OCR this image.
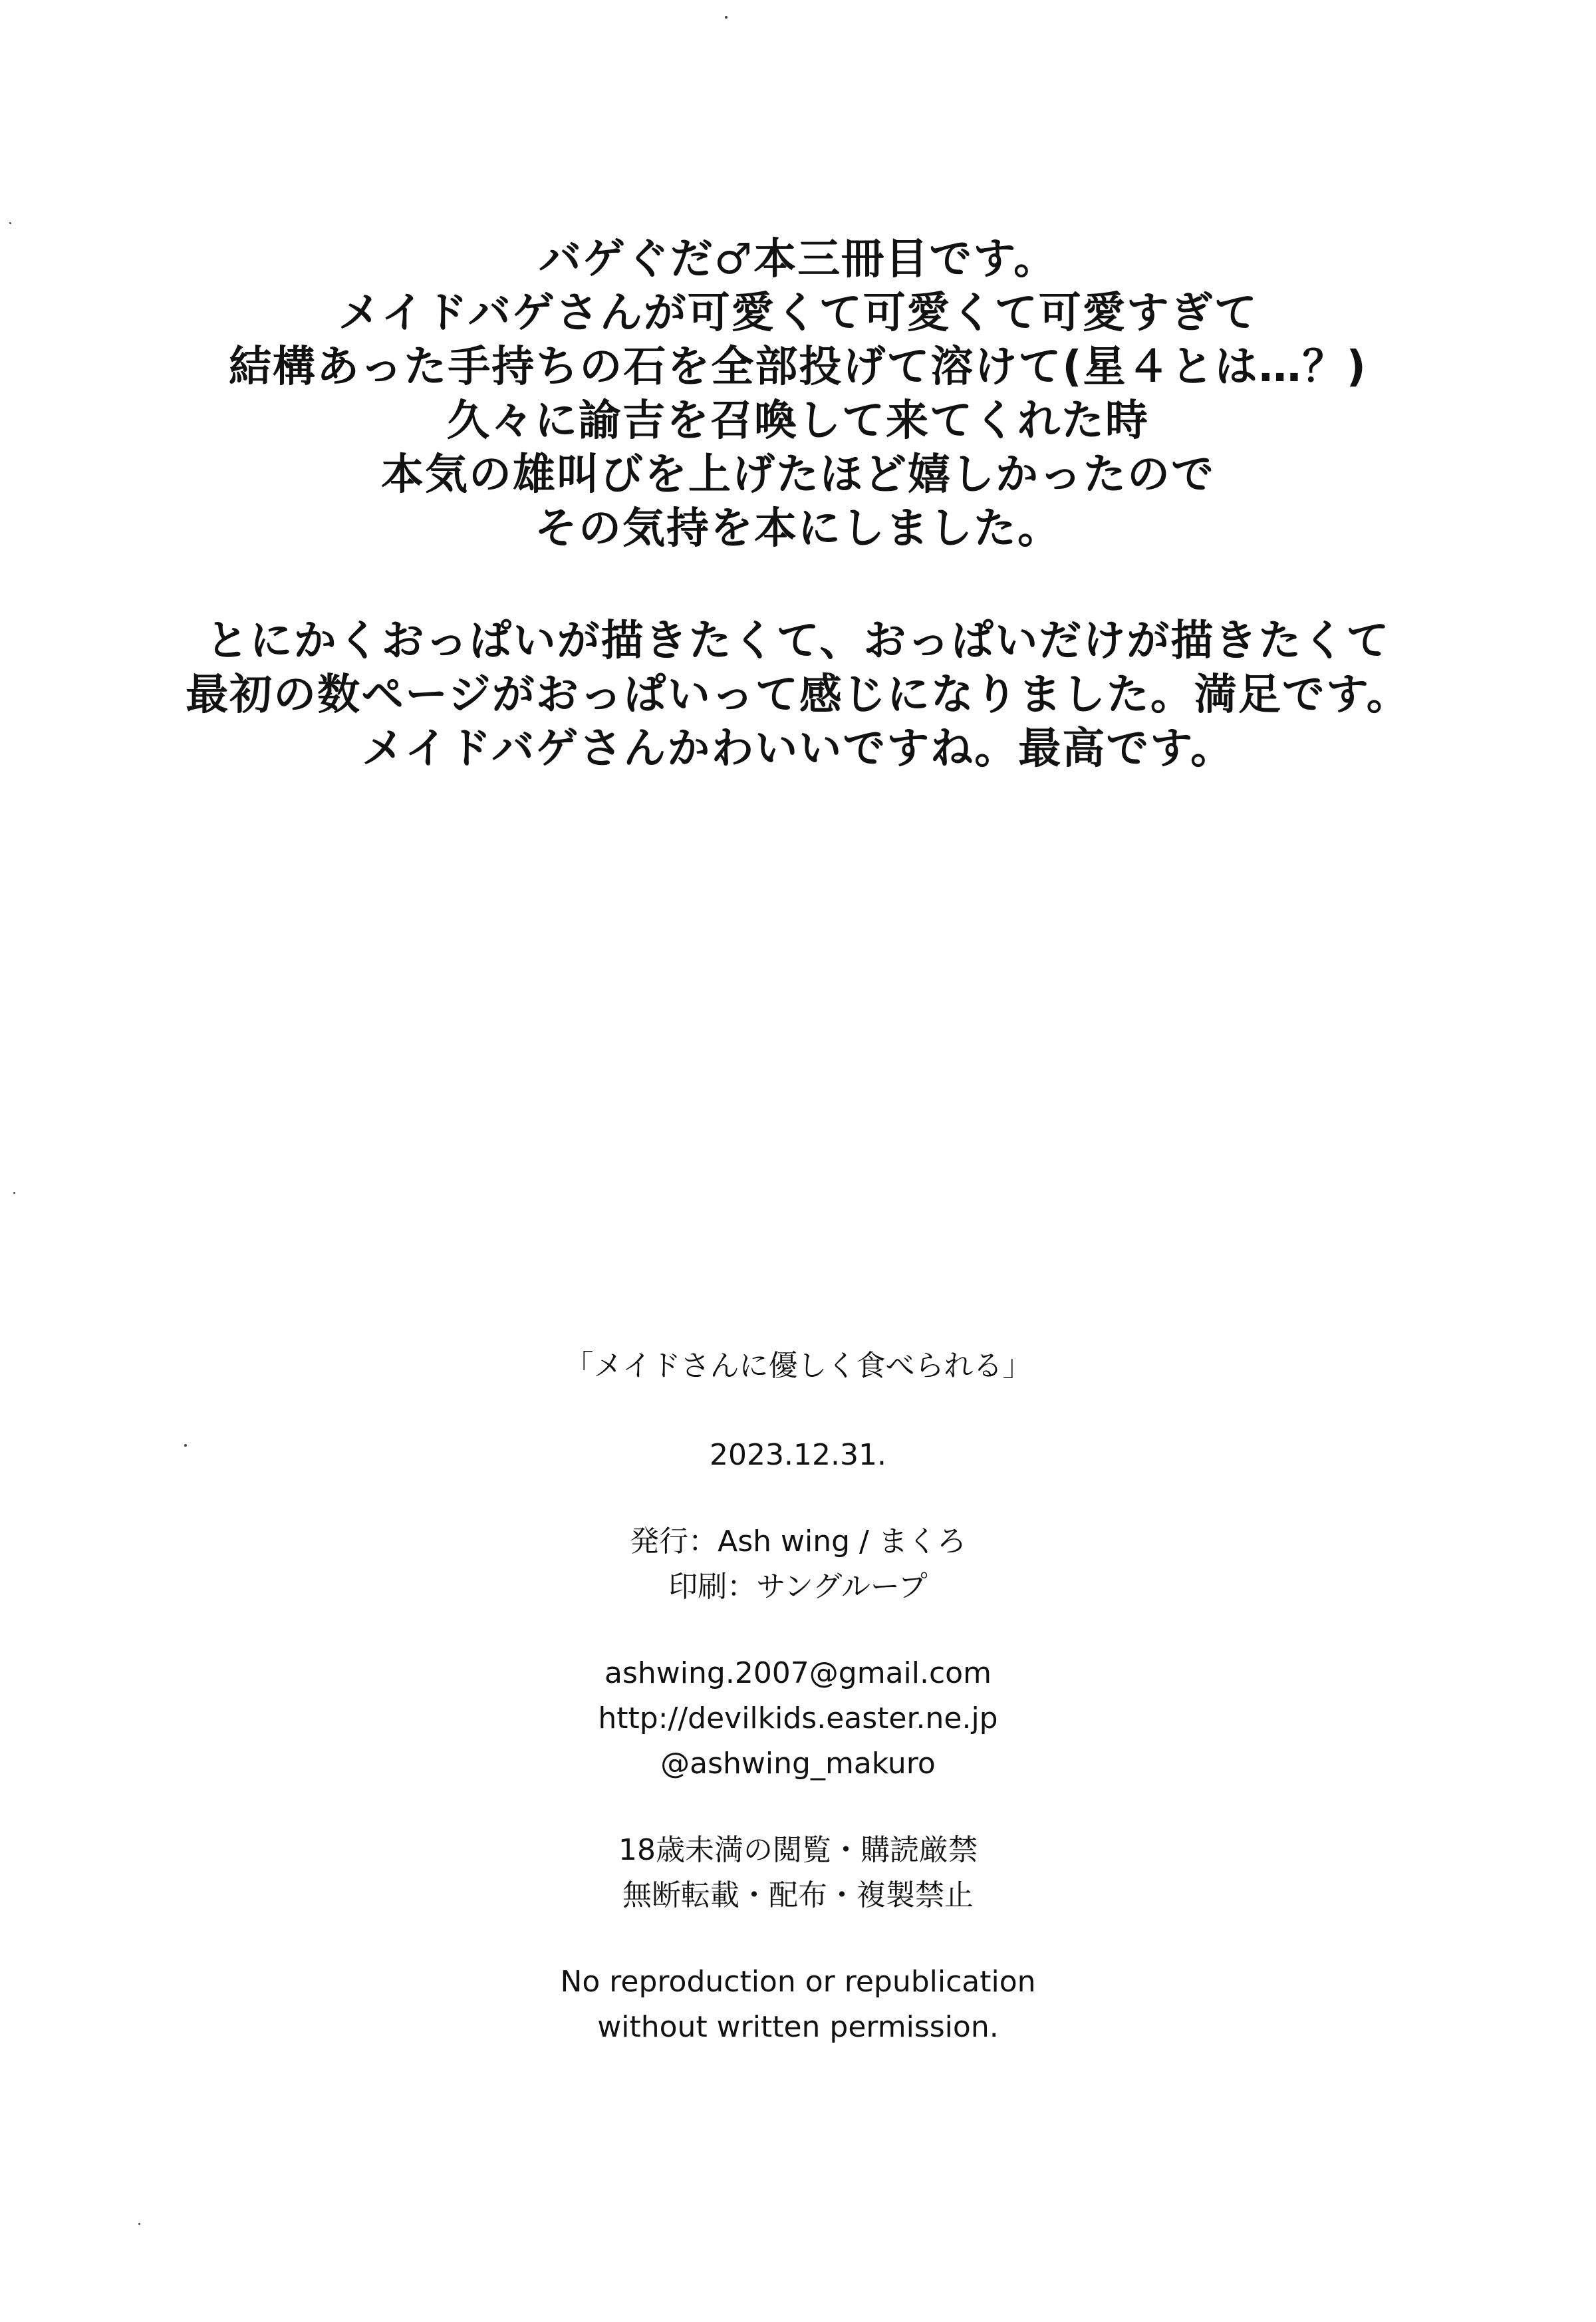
バゲぐだ♂本三冊目です。
メイドバゲさんが可愛くて可愛くて可愛すぎて
結構あった手持ちの石を全部投げて溶けて(星４とは…？)
久々に諭吉を召喚して来てくれた時
本気の雄叫びを上げたほど嬉しかったので
その気持を本にしました。
とにかくおっぱいが描きたくて、おっぱいだけが描きたくて
最初の数ページがおっぱいって感じになりました。満足です。
メイドバゲさんかわいいですね。最高です。
「メイドさんに優しく食べられる」
2023.12.31.
発行：Ash wing / まくろ
印刷：サングループ
ashwing.2007@gmail.com
http://devilkids.easter.ne.jp
@ashwing_makuro
18歳未満の閲覧・購読厳禁
無断転載・配布・複製禁止
No reproduction or republication
without written permission.
